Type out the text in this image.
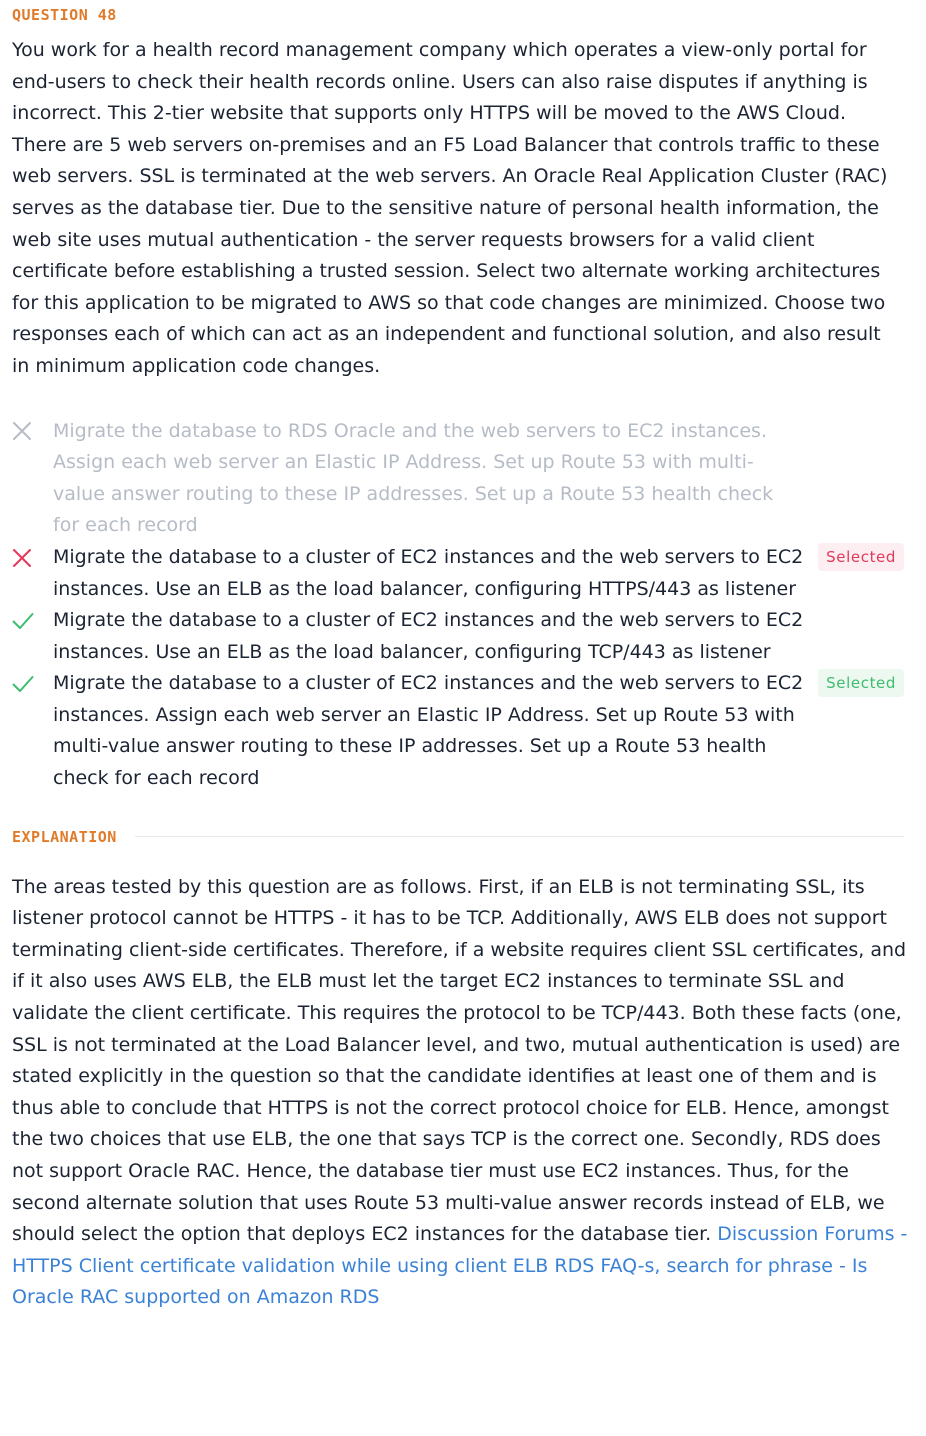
QUESTION 48
You work for a health record management company which operates a view-only portal for end-users to check their health records online. Users can also raise disputes if anything is incorrect. This 2-tier website that supports only HTTPS will be moved to the AWS Cloud. There are 5 web servers on-premises and an F5 Load Balancer that controls traffic to these web servers. SSL is terminated at the web servers. An Oracle Real Application Cluster (RAC) serves as the database tier. Due to the sensitive nature of personal health information, the web site uses mutual authentication - the server requests browsers for a valid client certificate before establishing a trusted session. Select two alternate working architectures for this application to be migrated to AWS so that code changes are minimized. Choose two responses each of which can act as an independent and functional solution, and also result in minimum application code changes.
Migrate the database to RDS Oracle and the web servers to EC2 instances. Assign each web server an Elastic IP Address. Set up Route 53 with multi-value answer routing to these IP addresses. Set up a Route 53 health check for each record
Migrate the database to a cluster of EC2 instances and the web servers to EC2 instances. Use an ELB as the load balancer, configuring HTTPS/443 as listener
Selected
Migrate the database to a cluster of EC2 instances and the web servers to EC2 instances. Use an ELB as the load balancer, configuring TCP/443 as listener
Migrate the database to a cluster of EC2 instances and the web servers to EC2 instances. Assign each web server an Elastic IP Address. Set up Route 53 with multi-value answer routing to these IP addresses. Set up a Route 53 health check for each record
Selected
EXPLANATION
The areas tested by this question are as follows. First, if an ELB is not terminating SSL, its listener protocol cannot be HTTPS - it has to be TCP. Additionally, AWS ELB does not support terminating client-side certificates. Therefore, if a website requires client SSL certificates, and if it also uses AWS ELB, the ELB must let the target EC2 instances to terminate SSL and validate the client certificate. This requires the protocol to be TCP/443. Both these facts (one, SSL is not terminated at the Load Balancer level, and two, mutual authentication is used) are stated explicitly in the question so that the candidate identifies at least one of them and is thus able to conclude that HTTPS is not the correct protocol choice for ELB. Hence, amongst the two choices that use ELB, the one that says TCP is the correct one. Secondly, RDS does not support Oracle RAC. Hence, the database tier must use EC2 instances. Thus, for the second alternate solution that uses Route 53 multi-value answer records instead of ELB, we should select the option that deploys EC2 instances for the database tier. Discussion Forums - HTTPS Client certificate validation while using client ELB RDS FAQ-s, search for phrase - Is Oracle RAC supported on Amazon RDS
